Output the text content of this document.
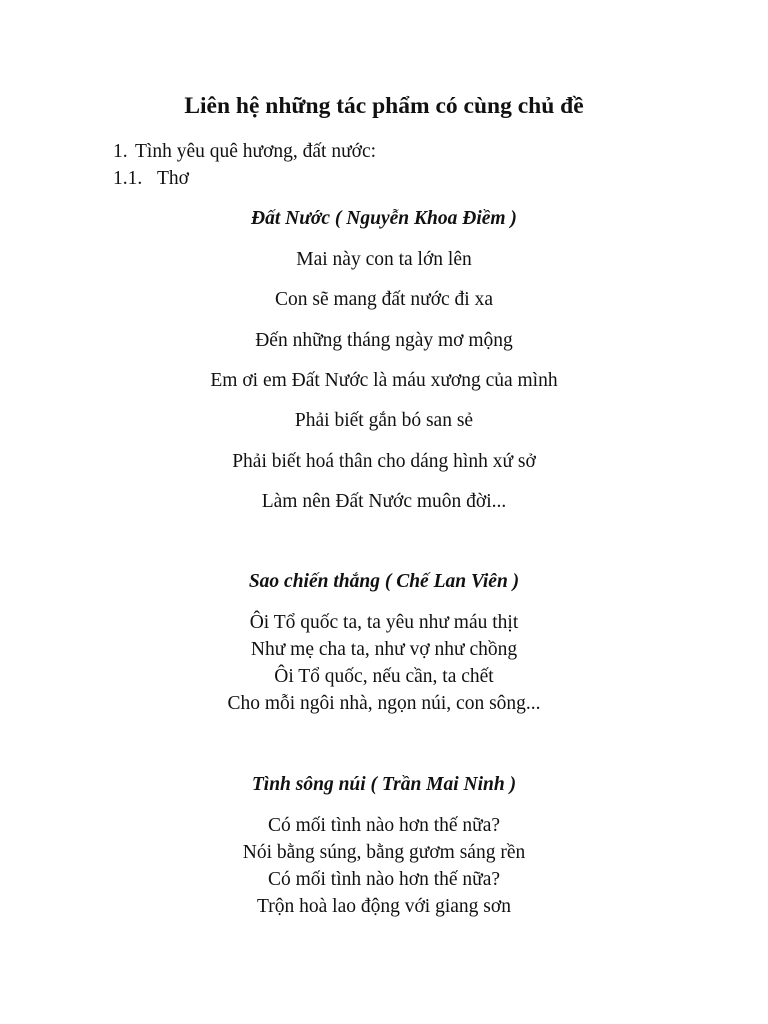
Liên hệ những tác phẩm có cùng chủ đề
1. Tình yêu quê hương, đất nước:
1.1. Thơ
Đất Nước ( Nguyễn Khoa Điềm )
Mai này con ta lớn lên
Con sẽ mang đất nước đi xa
Đến những tháng ngày mơ mộng
Em ơi em Đất Nước là máu xương của mình
Phải biết gắn bó san sẻ
Phải biết hoá thân cho dáng hình xứ sở
Làm nên Đất Nước muôn đời...
Sao chiến thắng ( Chế Lan Viên )
Ôi Tổ quốc ta, ta yêu như máu thịt
Như mẹ cha ta, như vợ như chồng
Ôi Tổ quốc, nếu cần, ta chết
Cho mỗi ngôi nhà, ngọn núi, con sông...
Tình sông núi ( Trần Mai Ninh )
Có mối tình nào hơn thế nữa?
Nói bằng súng, bằng gươm sáng rền
Có mối tình nào hơn thế nữa?
Trộn hoà lao động với giang sơn
